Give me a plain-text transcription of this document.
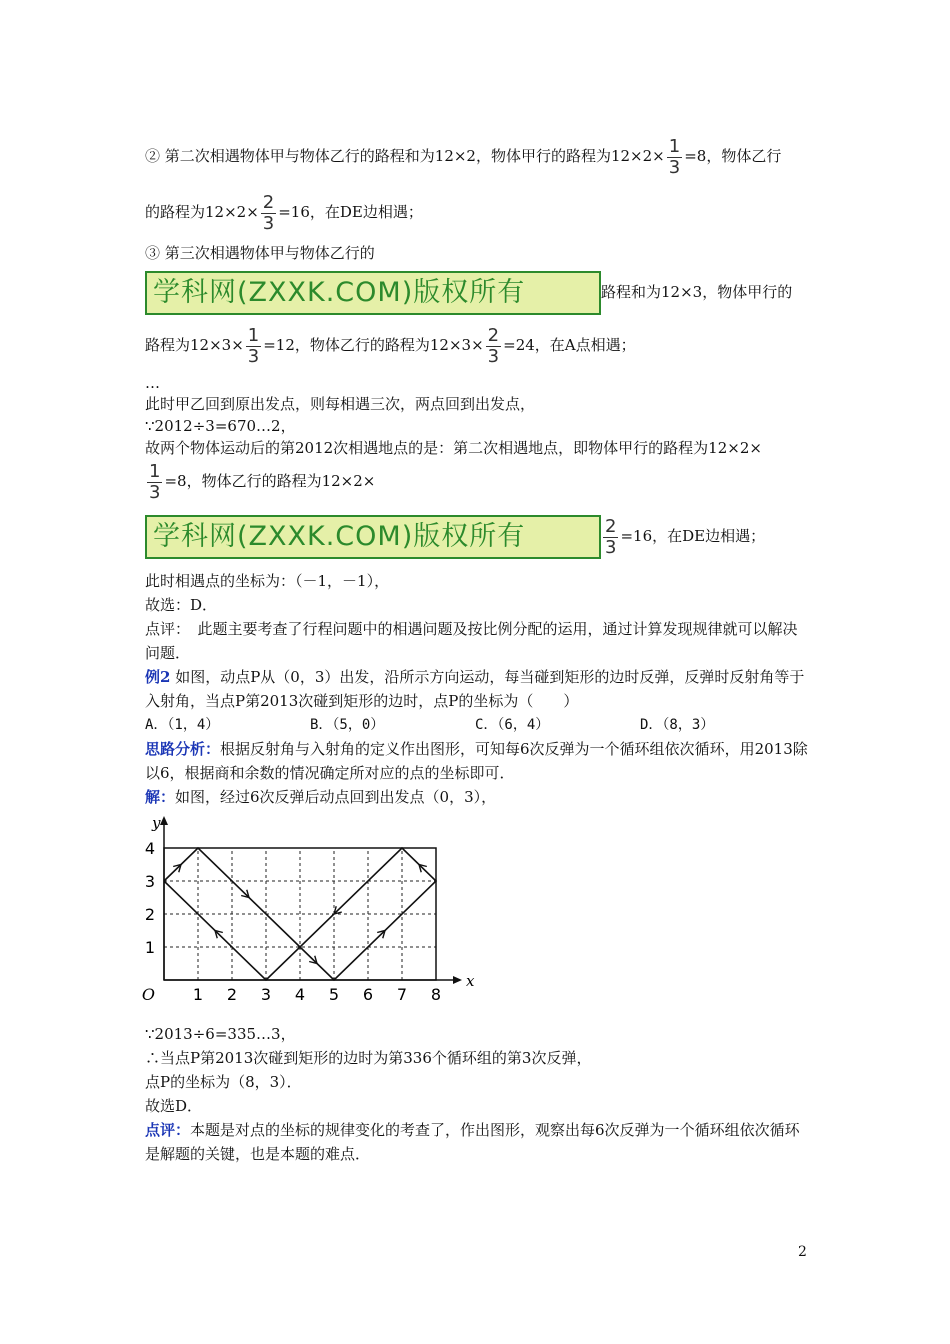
② 第二次相遇物体甲与物体乙行的路程和为12×2，物体甲行的路程为$12\times 2\times \frac{1}{3} =8$，物体乙行
的路程为$12\times 2\times \frac{2}{3} =16$，在DE边相遇；
③ 第三次相遇物体甲与物体乙行的
学科网(ZXXK.COM)版权所有	路程和为12×3，物体甲行的
路程为$12\times 3\times \frac{1}{3} =12$，物体乙行的路程为$12\times 3\times \frac{2}{3} =24$，在A点相遇；
…
此时甲乙回到原出发点，则每相遇三次，两点回到出发点，
∵2012÷3=670…2，
故两个物体运动后的第2012次相遇地点的是：第二次相遇地点，即物体甲行的路程为12×2×
$\frac{1}{3} =8$，物体乙行的路程为12×2×
学科网(ZXXK.COM)版权所有	$\frac{2}{3} =16$，在DE边相遇；
此时相遇点的坐标为：（－1，－1），
故选：D．
点评：　此题主要考查了行程问题中的相遇问题及按比例分配的运用，通过计算发现规律就可以解决问题．
例2 如图，动点P从（0，3）出发，沿所示方向运动，每当碰到矩形的边时反弹，反弹时反射角等于入射角，当点P第2013次碰到矩形的边时，点P的坐标为（　　）
A．（1，4）	B．（5，0）	C．（6，4）	D．（8，3）
思路分析：根据反射角与入射角的定义作出图形，可知每6次反弹为一个循环组依次循环，用2013除以6，根据商和余数的情况确定所对应的点的坐标即可．
解：如图，经过6次反弹后动点回到出发点（0，3），
1 2 3 4 5 6 7 8
1
2
3
4
O
x
y
∵2013÷6=335…3，
∴当点P第2013次碰到矩形的边时为第336个循环组的第3次反弹，
点P的坐标为（8，3）．
故选D．
点评：本题是对点的坐标的规律变化的考查了，作出图形，观察出每6次反弹为一个循环组依次循环是解题的关键，也是本题的难点．
2
